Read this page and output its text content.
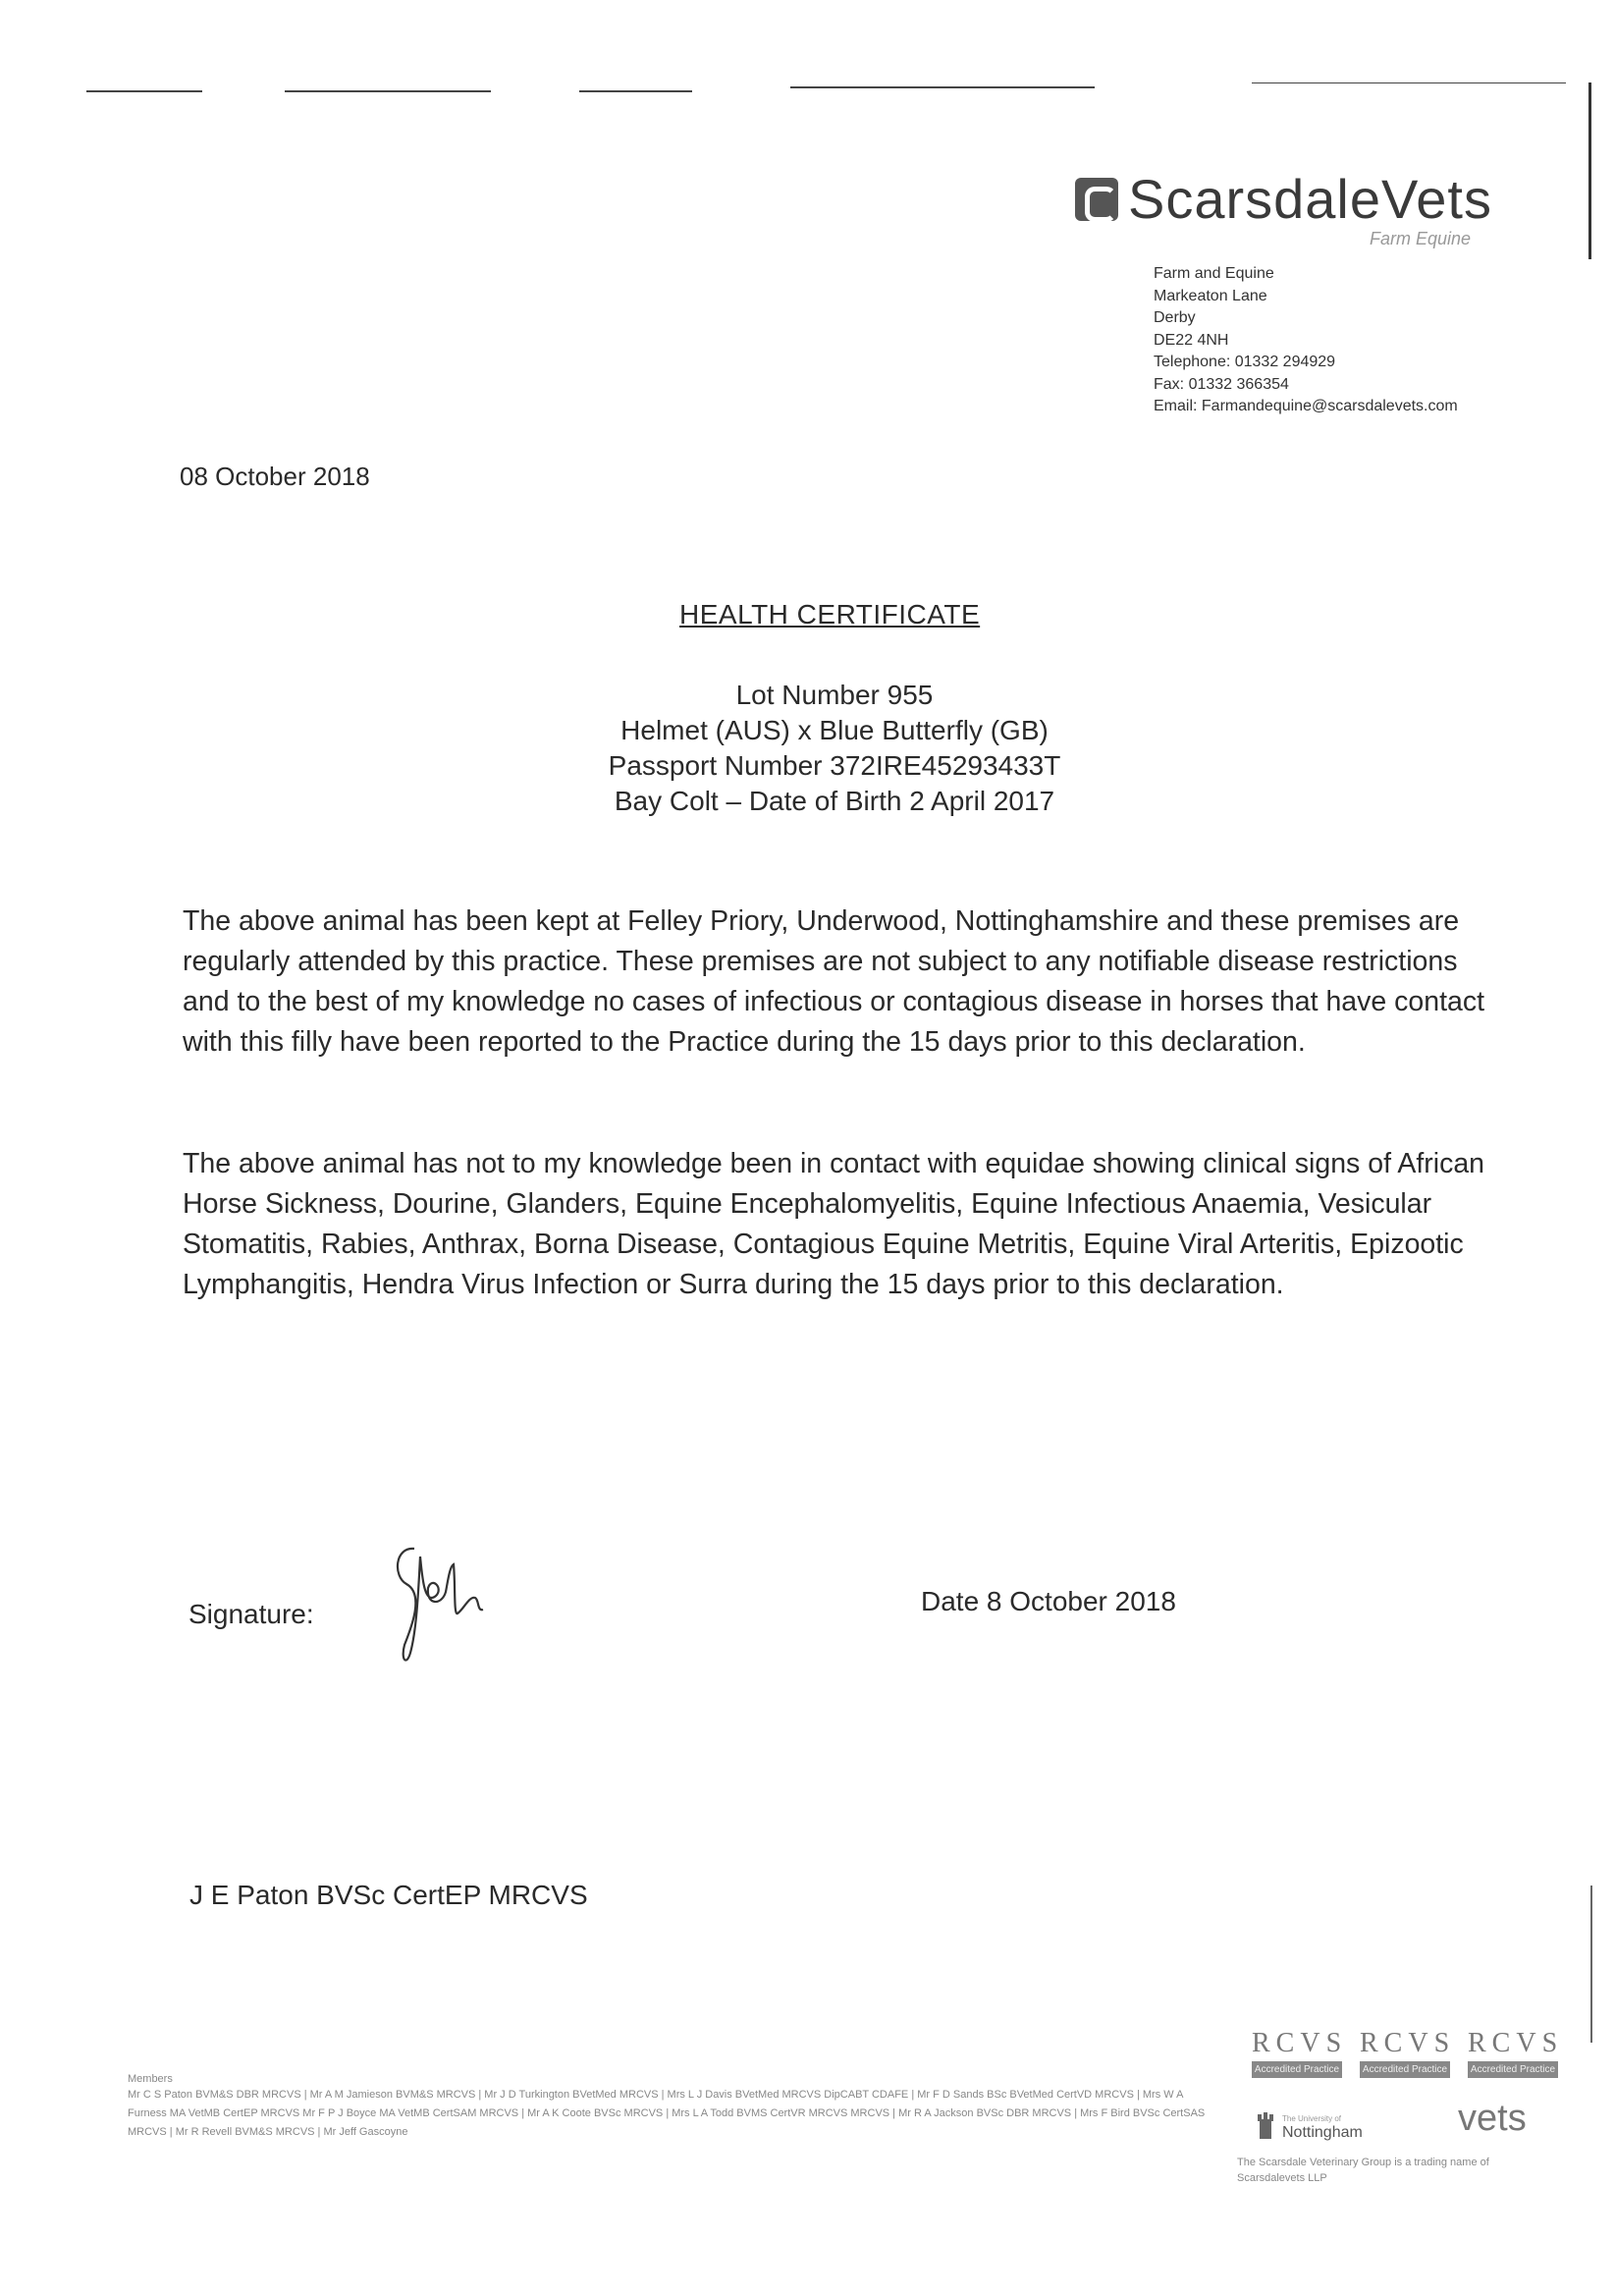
ScarsdaleVets
Farm Equine
Farm and Equine
Markeaton Lane
Derby
DE22 4NH
Telephone: 01332 294929
Fax: 01332 366354
Email: Farmandequine@scarsdalevets.com
08 October 2018
HEALTH CERTIFICATE
Lot Number 955
Helmet (AUS) x Blue Butterfly (GB)
Passport Number 372IRE45293433T
Bay Colt – Date of Birth 2 April 2017
The above animal has been kept at Felley Priory, Underwood, Nottinghamshire and these premises are regularly attended by this practice. These premises are not subject to any notifiable disease restrictions and to the best of my knowledge no cases of infectious or contagious disease in horses that have contact with this filly have been reported to the Practice during the 15 days prior to this declaration.
The above animal has not to my knowledge been in contact with equidae showing clinical signs of African Horse Sickness, Dourine, Glanders, Equine Encephalomyelitis, Equine Infectious Anaemia, Vesicular Stomatitis, Rabies, Anthrax, Borna Disease, Contagious Equine Metritis, Equine Viral Arteritis, Epizootic Lymphangitis, Hendra Virus Infection or Surra during the 15 days prior to this declaration.
Signature:	Date 8 October 2018
J E Paton BVSc CertEP MRCVS
Members
Mr C S Paton BVM&S DBR MRCVS | Mr A M Jamieson BVM&S MRCVS | Mr J D Turkington BVetMed MRCVS | Mrs L J Davis BVetMed MRCVS DipCABT CDAFE | Mr F D Sands BSc BVetMed CertVD MRCVS | Mrs W A Furness MA VetMB CertEP MRCVS Mr F P J Boyce MA VetMB CertSAM MRCVS | Mr A K Coote BVSc MRCVS | Mrs L A Todd BVMS CertVR MRCVS MRCVS | Mr R A Jackson BVSc DBR MRCVS | Mrs F Bird BVSc CertSAS MRCVS | Mr R Revell BVM&S MRCVS | Mr Jeff Gascoyne
RCVS
Accredited Practice
RCVS
Accredited Practice
RCVS
Accredited Practice
The University of
Nottingham	vets
The Scarsdale Veterinary Group is a trading name of Scarsdalevets LLP
